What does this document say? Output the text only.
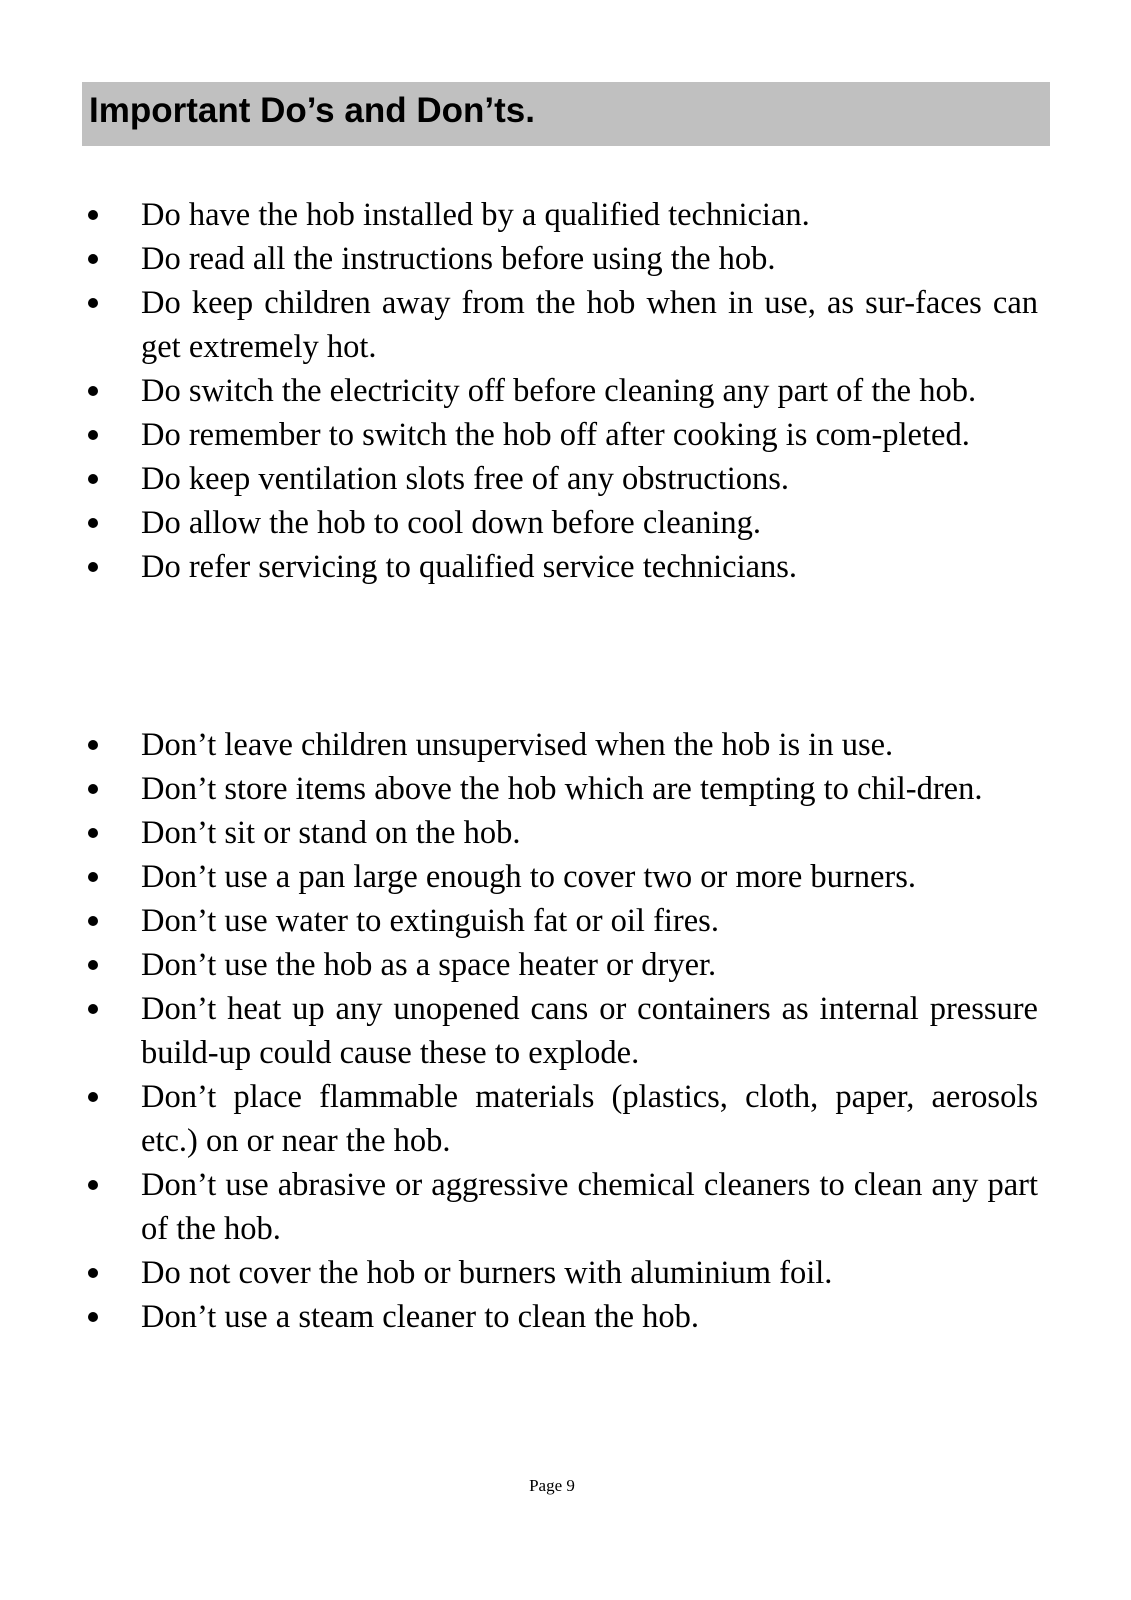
Important Do’s and Don’ts.
Do have the hob installed by a qualified technician.
Do read all the instructions before using the hob.
Do keep children away from the hob when in use, as sur-faces can get extremely hot.
Do switch the electricity off before cleaning any part of the hob.
Do remember to switch the hob off after cooking is com-pleted.
Do keep ventilation slots free of any obstructions.
Do allow the hob to cool down before cleaning.
Do refer servicing to qualified service technicians.
Don’t leave children unsupervised when the hob is in use.
Don’t store items above the hob which are tempting to chil-dren.
Don’t sit or stand on the hob.
Don’t use a pan large enough to cover two or more burners.
Don’t use water to extinguish fat or oil fires.
Don’t use the hob as a space heater or dryer.
Don’t heat up any unopened cans or containers as internal pressure build-up could cause these to explode.
Don’t place flammable materials (plastics, cloth, paper, aerosols etc.) on or near the hob.
Don’t use abrasive or aggressive chemical cleaners to clean any part of the hob.
Do not cover the hob or burners with aluminium foil.
Don’t use a steam cleaner to clean the hob.
Page 9
